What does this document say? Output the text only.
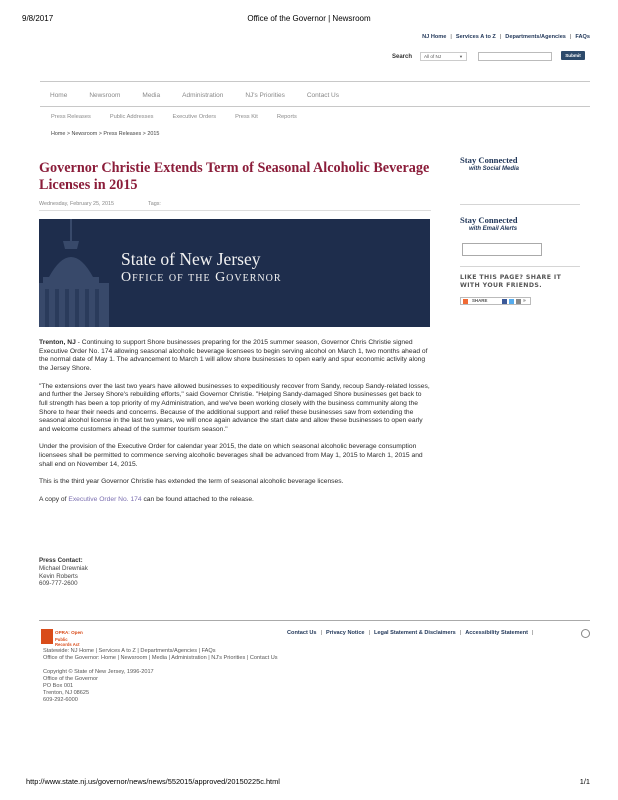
9/8/2017	Office of the Governor | Newsroom
NJ Home | Services A to Z | Departments/Agencies | FAQs
Search	All of NJ	▼	Submit
Home	Newsroom	Media	Administration	NJ's Priorities	Contact Us
Press Releases	Public Addresses	Executive Orders	Press Kit	Reports
Home > Newsroom > Press Releases > 2015
Governor Christie Extends Term of Seasonal Alcoholic Beverage Licenses in 2015
Wednesday, February 25, 2015	Tags:
State of New Jersey
Office of the Governor

Trenton, NJ - Continuing to support Shore businesses preparing for the 2015 summer season, Governor Chris Christie signed Executive Order No. 174 allowing seasonal alcoholic beverage licensees to begin serving alcohol on March 1, two months ahead of the normal date of May 1. The advancement to March 1 will allow shore businesses to open early and spur economic activity along the Jersey Shore.

"The extensions over the last two years have allowed businesses to expeditiously recover from Sandy, recoup Sandy-related losses, and further the Jersey Shore's rebuilding efforts," said Governor Christie. "Helping Sandy-damaged Shore businesses get back to full strength has been a top priority of my Administration, and we've been working closely with the business community along the Shore to hear their needs and concerns. Because of the additional support and relief these businesses saw from extending the seasonal alcohol license in the last two years, we will once again advance the start date and allow these businesses to open early and welcome customers ahead of the summer tourism season."

Under the provision of the Executive Order for calendar year 2015, the date on which seasonal alcoholic beverage consumption licensees shall be permitted to commence serving alcoholic beverages shall be advanced from May 1, 2015 to March 1, 2015 and shall end on November 14, 2015.

This is the third year Governor Christie has extended the term of seasonal alcoholic beverage licenses.

A copy of Executive Order No. 174 can be found attached to the release.

Press Contact:
Michael Drewniak
Kevin Roberts
609-777-2600
Stay Connected
with Social Media
Stay Connected
with Email Alerts
LIKE THIS PAGE? SHARE IT
WITH YOUR FRIENDS.
SHARE	»
OPRA: Open
Public Records Act
Contact Us | Privacy Notice | Legal Statement & Disclaimers | Accessibility Statement |
Statewide: NJ Home | Services A to Z | Departments/Agencies | FAQs
Office of the Governor: Home | Newsroom | Media | Administration | NJ's Priorities | Contact Us
Copyright © State of New Jersey, 1996-2017
Office of the Governor
PO Box 001
Trenton, NJ 08625
609-292-6000
http://www.state.nj.us/governor/news/news/552015/approved/20150225c.html	1/1
